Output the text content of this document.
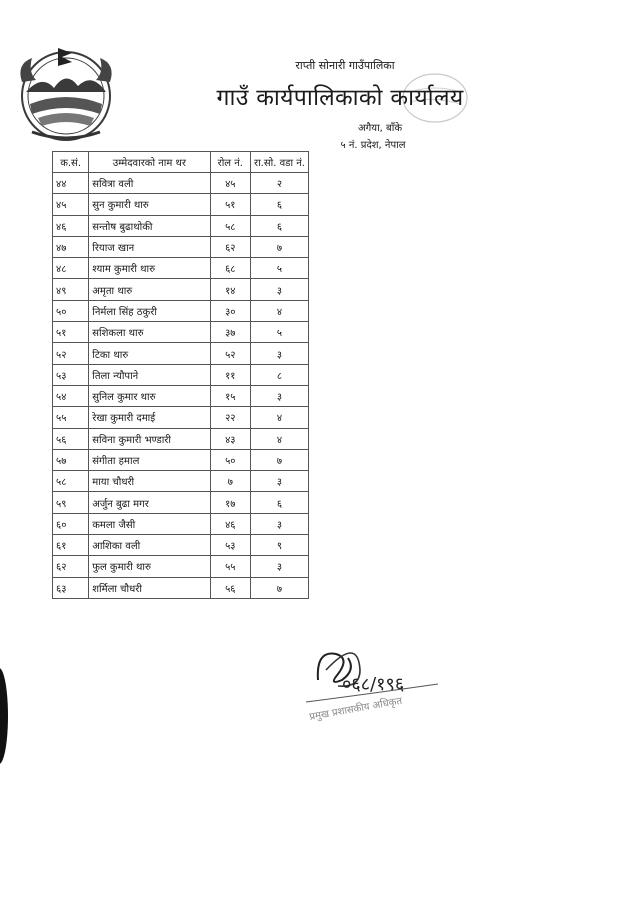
राप्ती सोनारी गाउँपालिका
गाउँ कार्यपालिकाको कार्यालय
अगैया, बाँके
५ नं. प्रदेश, नेपाल
क.सं.	उम्मेदवारको नाम थर	रोल नं.	रा.सो. वडा नं.
४४	सवित्रा वली	४५	२
४५	सुन कुमारी थारु	५१	६
४६	सन्तोष बुढाथोकी	५८	६
४७	रियाज खान	६२	७
४८	श्याम कुमारी थारु	६८	५
४९	अमृता थारु	१४	३
५०	निर्मला सिंह ठकुरी	३०	४
५१	सशिकला थारु	३७	५
५२	टिका थारु	५२	३
५३	तिला न्यौपाने	११	८
५४	सुनिल कुमार थारु	१५	३
५५	रेखा कुमारी दमाई	२२	४
५६	सविना कुमारी भण्डारी	४३	४
५७	संगीता हमाल	५०	७
५८	माया चौधरी	७	३
५९	अर्जुन बुढा मगर	१७	६
६०	कमला जैसी	४६	३
६१	आशिका वली	५३	९
६२	फुल कुमारी थारु	५५	३
६३	शर्मिला चौधरी	५६	७
०६८/१९६
प्रमुख प्रशासकीय अधिकृत
